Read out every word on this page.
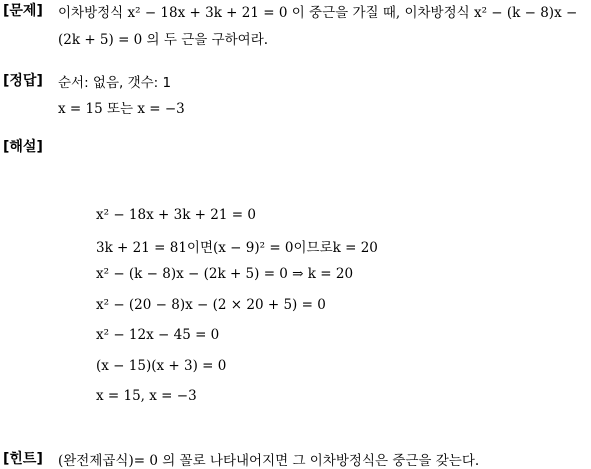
[문제] 이차방정식 x² − 18x + 3k + 21 = 0 이 중근을 가질 때, 이차방정식 x² − (k − 8)x −
(2k + 5) = 0 의 두 근을 구하여라.
[정답] 순서: 없음, 갯수: 1
x = 15 또는 x = −3
[해설]
x² − 18x + 3k + 21 = 0
3k + 21 = 81이면(x − 9)² = 0이므로k = 20
x² − (k − 8)x − (2k + 5) = 0 ⇒ k = 20
x² − (20 − 8)x − (2 × 20 + 5) = 0
x² − 12x − 45 = 0
(x − 15)(x + 3) = 0
x = 15, x = −3
[힌트] (완전제곱식)= 0 의 꼴로 나타내어지면 그 이차방정식은 중근을 갖는다.
